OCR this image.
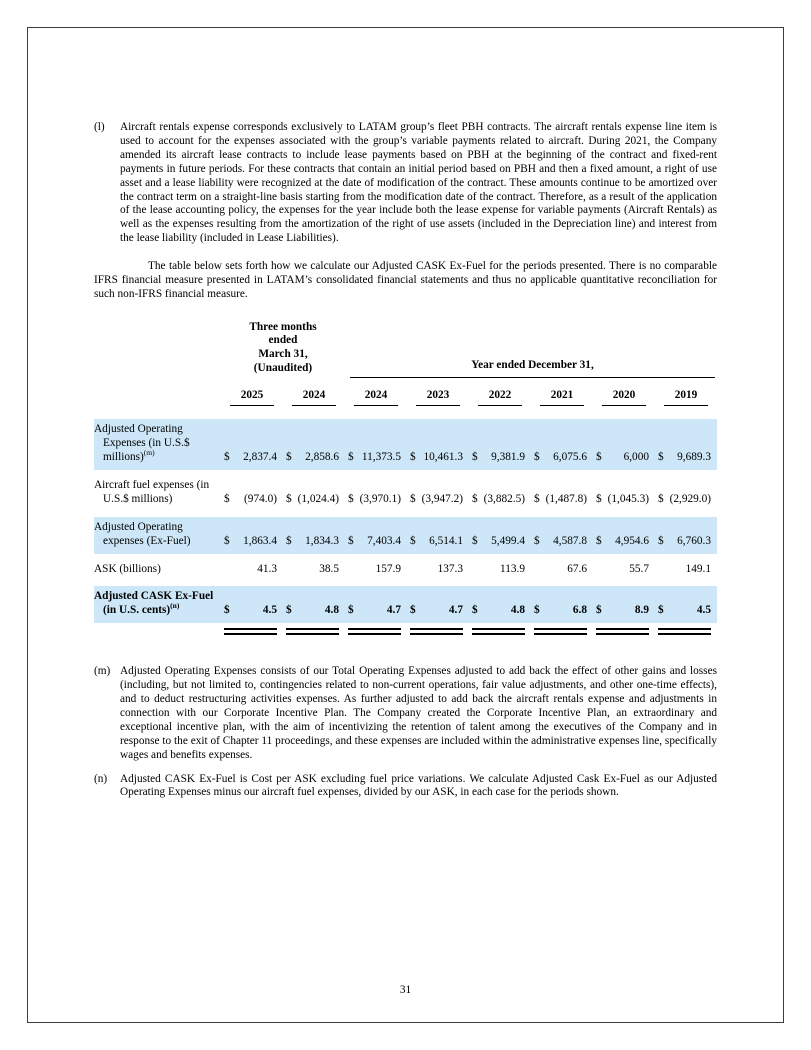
(l) Aircraft rentals expense corresponds exclusively to LATAM group’s fleet PBH contracts. The aircraft rentals expense line item is used to account for the expenses associated with the group’s variable payments related to aircraft. During 2021, the Company amended its aircraft lease contracts to include lease payments based on PBH at the beginning of the contract and fixed-rent payments in future periods. For these contracts that contain an initial period based on PBH and then a fixed amount, a right of use asset and a lease liability were recognized at the date of modification of the contract. These amounts continue to be amortized over the contract term on a straight-line basis starting from the modification date of the contract. Therefore, as a result of the application of the lease accounting policy, the expenses for the year include both the lease expense for variable payments (Aircraft Rentals) as well as the expenses resulting from the amortization of the right of use assets (included in the Depreciation line) and interest from the lease liability (included in Lease Liabilities).

The table below sets forth how we calculate our Adjusted CASK Ex-Fuel for the periods presented. There is no comparable IFRS financial measure presented in LATAM’s consolidated financial statements and thus no applicable quantitative reconciliation for such non-IFRS financial measure.

Three months
ended
March 31,
(Unaudited)	Year ended December 31,
2025	2024	2024	2023	2022	2021	2020	2019
Adjusted Operating Expenses (in U.S.$ millions)$^{(m)}$	$ 2,837.4 $ 2,858.6 $ 11,373.5 $ 10,461.3 $ 9,381.9 $ 6,075.6 $ 6,000 $ 9,689.3
Aircraft fuel expenses (in U.S.$ millions)	$ (974.0) $ (1,024.4) $ (3,970.1) $ (3,947.2) $ (3,882.5) $ (1,487.8) $ (1,045.3) $ (2,929.0)
Adjusted Operating expenses (Ex-Fuel)	$ 1,863.4 $ 1,834.3 $ 7,403.4 $ 6,514.1 $ 5,499.4 $ 4,587.8 $ 4,954.6 $ 6,760.3
ASK (billions)	41.3	38.5	157.9	137.3	113.9	67.6	55.7	149.1
Adjusted CASK Ex-Fuel (in U.S. cents)$^{(n)}$	$	4.5 $	4.8 $	4.7 $	4.7 $	4.8 $	6.8 $	8.9 $	4.5

(m) Adjusted Operating Expenses consists of our Total Operating Expenses adjusted to add back the effect of other gains and losses (including, but not limited to, contingencies related to non-current operations, fair value adjustments, and other one-time effects), and to deduct restructuring activities expenses. As further adjusted to add back the aircraft rentals expense and adjustments in connection with our Corporate Incentive Plan. The Company created the Corporate Incentive Plan, an extraordinary and exceptional incentive plan, with the aim of incentivizing the retention of talent among the executives of the Company and in response to the exit of Chapter 11 proceedings, and these expenses are included within the administrative expenses line, specifically wages and benefits expenses.

(n) Adjusted CASK Ex-Fuel is Cost per ASK excluding fuel price variations. We calculate Adjusted Cask Ex-Fuel as our Adjusted Operating Expenses minus our aircraft fuel expenses, divided by our ASK, in each case for the periods shown.

31
